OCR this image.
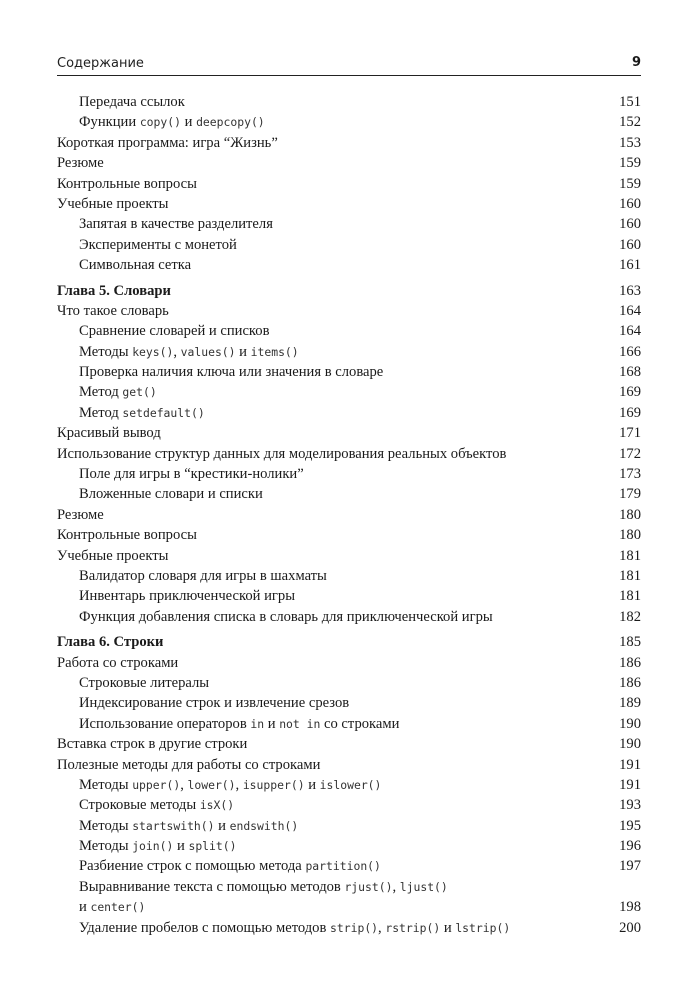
Содержание	9
Передача ссылок	151
Функции copy() и deepcopy()	152
Короткая программа: игра “Жизнь”	153
Резюме	159
Контрольные вопросы	159
Учебные проекты	160
Запятая в качестве разделителя	160
Эксперименты с монетой	160
Символьная сетка	161
Глава 5. Словари	163
Что такое словарь	164
Сравнение словарей и списков	164
Методы keys(), values() и items()	166
Проверка наличия ключа или значения в словаре	168
Метод get()	169
Метод setdefault()	169
Красивый вывод	171
Использование структур данных для моделирования реальных объектов	172
Поле для игры в “крестики-нолики”	173
Вложенные словари и списки	179
Резюме	180
Контрольные вопросы	180
Учебные проекты	181
Валидатор словаря для игры в шахматы	181
Инвентарь приключенческой игры	181
Функция добавления списка в словарь для приключенческой игры	182
Глава 6. Строки	185
Работа со строками	186
Строковые литералы	186
Индексирование строк и извлечение срезов	189
Использование операторов in и not in со строками	190
Вставка строк в другие строки	190
Полезные методы для работы со строками	191
Методы upper(), lower(), isupper() и islower()	191
Строковые методы isX()	193
Методы startswith() и endswith()	195
Методы join() и split()	196
Разбиение строк с помощью метода partition()	197
Выравнивание текста с помощью методов rjust(), ljust()
и center()	198
Удаление пробелов с помощью методов strip(), rstrip() и lstrip()	200
